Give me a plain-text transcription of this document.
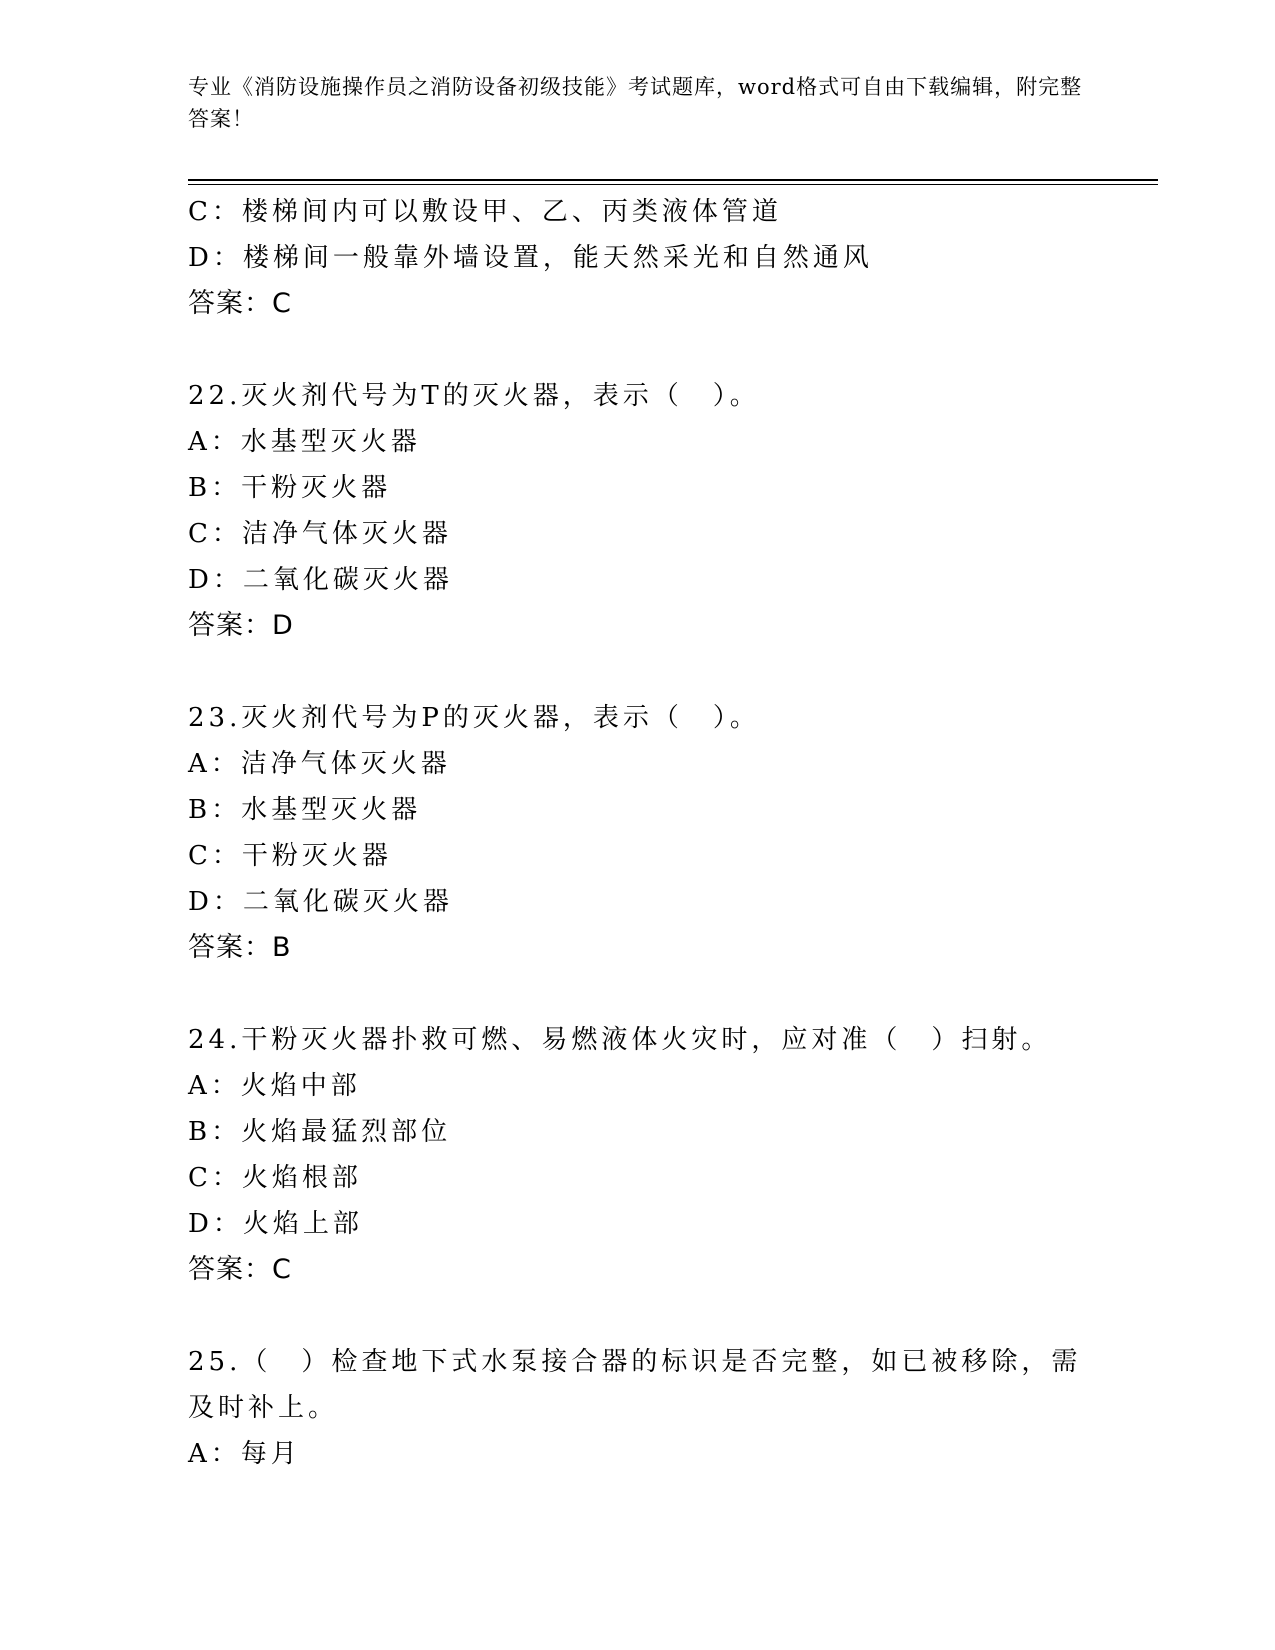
专业《消防设施操作员之消防设备初级技能》考试题库，word格式可自由下载编辑，附完整答案！
C：楼梯间内可以敷设甲、乙、丙类液体管道
D：楼梯间一般靠外墙设置，能天然采光和自然通风
答案：C
22.灭火剂代号为T的灭火器，表示（　）。
A：水基型灭火器
B：干粉灭火器
C：洁净气体灭火器
D：二氧化碳灭火器
答案：D
23.灭火剂代号为P的灭火器，表示（　）。
A：洁净气体灭火器
B：水基型灭火器
C：干粉灭火器
D：二氧化碳灭火器
答案：B
24.干粉灭火器扑救可燃、易燃液体火灾时，应对准（　）扫射。
A：火焰中部
B：火焰最猛烈部位
C：火焰根部
D：火焰上部
答案：C
25.（　）检查地下式水泵接合器的标识是否完整，如已被移除，需及时补上。
A：每月
